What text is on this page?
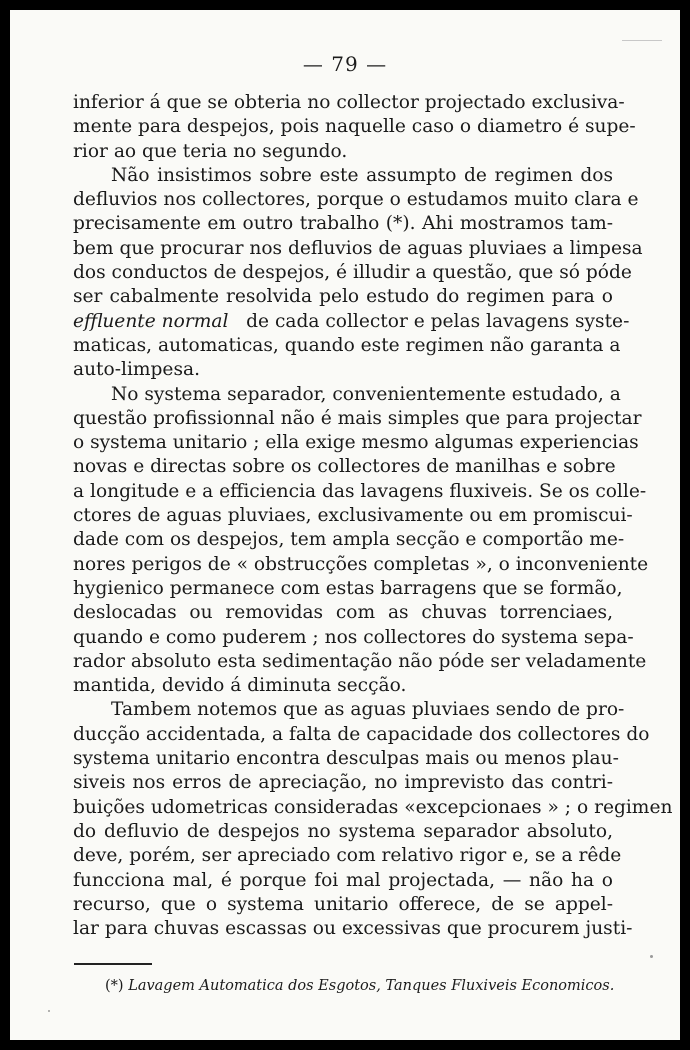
— 79 —
inferior á que se obteria no collector projectado exclusiva-
mente para despejos, pois naquelle caso o diametro é supe-
rior ao que teria no segundo.
Não insistimos sobre este assumpto de regimen dos
defluvios nos collectores, porque o estudamos muito clara e
precisamente em outro trabalho (*). Ahi mostramos tam-
bem que procurar nos defluvios de aguas pluviaes a limpesa
dos conductos de despejos, é illudir a questão, que só póde
ser cabalmente resolvida pelo estudo do regimen para o
effluente normal de cada collector e pelas lavagens syste-
maticas, automaticas, quando este regimen não garanta a
auto-limpesa.
No systema separador, convenientemente estudado, a
questão profissionnal não é mais simples que para projectar
o systema unitario ; ella exige mesmo algumas experiencias
novas e directas sobre os collectores de manilhas e sobre
a longitude e a efficiencia das lavagens fluxiveis. Se os colle-
ctores de aguas pluviaes, exclusivamente ou em promiscui-
dade com os despejos, tem ampla secção e comportão me-
nores perigos de « obstrucções completas », o inconveniente
hygienico permanece com estas barragens que se formão,
deslocadas ou removidas com as chuvas torrenciaes,
quando e como puderem ; nos collectores do systema sepa-
rador absoluto esta sedimentação não póde ser veladamente
mantida, devido á diminuta secção.
Tambem notemos que as aguas pluviaes sendo de pro-
ducção accidentada, a falta de capacidade dos collectores do
systema unitario encontra desculpas mais ou menos plau-
siveis nos erros de apreciação, no imprevisto das contri-
buições udometricas consideradas «excepcionaes » ; o regimen
do defluvio de despejos no systema separador absoluto,
deve, porém, ser apreciado com relativo rigor e, se a rêde
funcciona mal, é porque foi mal projectada, — não ha o
recurso, que o systema unitario offerece, de se appel-
lar para chuvas escassas ou excessivas que procurem justi-
(*) Lavagem Automatica dos Esgotos, Tanques Fluxiveis Economicos.
